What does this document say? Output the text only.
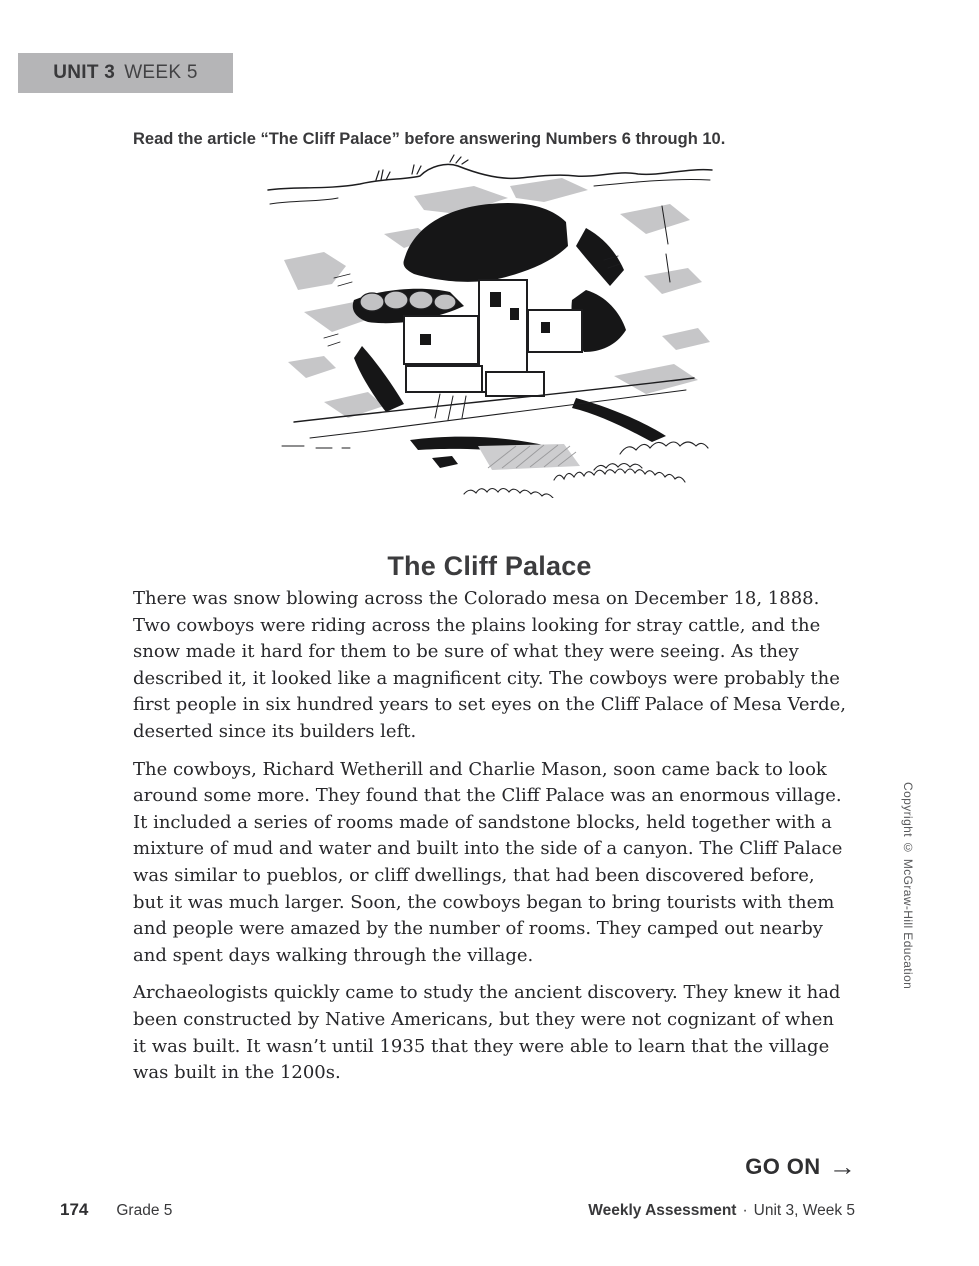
UNIT 3 WEEK 5

Read the article “The Cliff Palace” before answering Numbers 6 through 10.

The Cliff Palace

There was snow blowing across the Colorado mesa on December 18, 1888. Two cowboys were riding across the plains looking for stray cattle, and the snow made it hard for them to be sure of what they were seeing. As they described it, it looked like a magnificent city. The cowboys were probably the first people in six hundred years to set eyes on the Cliff Palace of Mesa Verde, deserted since its builders left.

The cowboys, Richard Wetherill and Charlie Mason, soon came back to look around some more. They found that the Cliff Palace was an enormous village. It included a series of rooms made of sandstone blocks, held together with a mixture of mud and water and built into the side of a canyon. The Cliff Palace was similar to pueblos, or cliff dwellings, that had been discovered before, but it was much larger. Soon, the cowboys began to bring tourists with them and people were amazed by the number of rooms. They camped out nearby and spent days walking through the village.

Archaeologists quickly came to study the ancient discovery. They knew it had been constructed by Native Americans, but they were not cognizant of when it was built. It wasn’t until 1935 that they were able to learn that the village was built in the 1200s.

Copyright © McGraw-Hill Education
GO ON →
174 Grade 5	Weekly Assessment · Unit 3, Week 5
